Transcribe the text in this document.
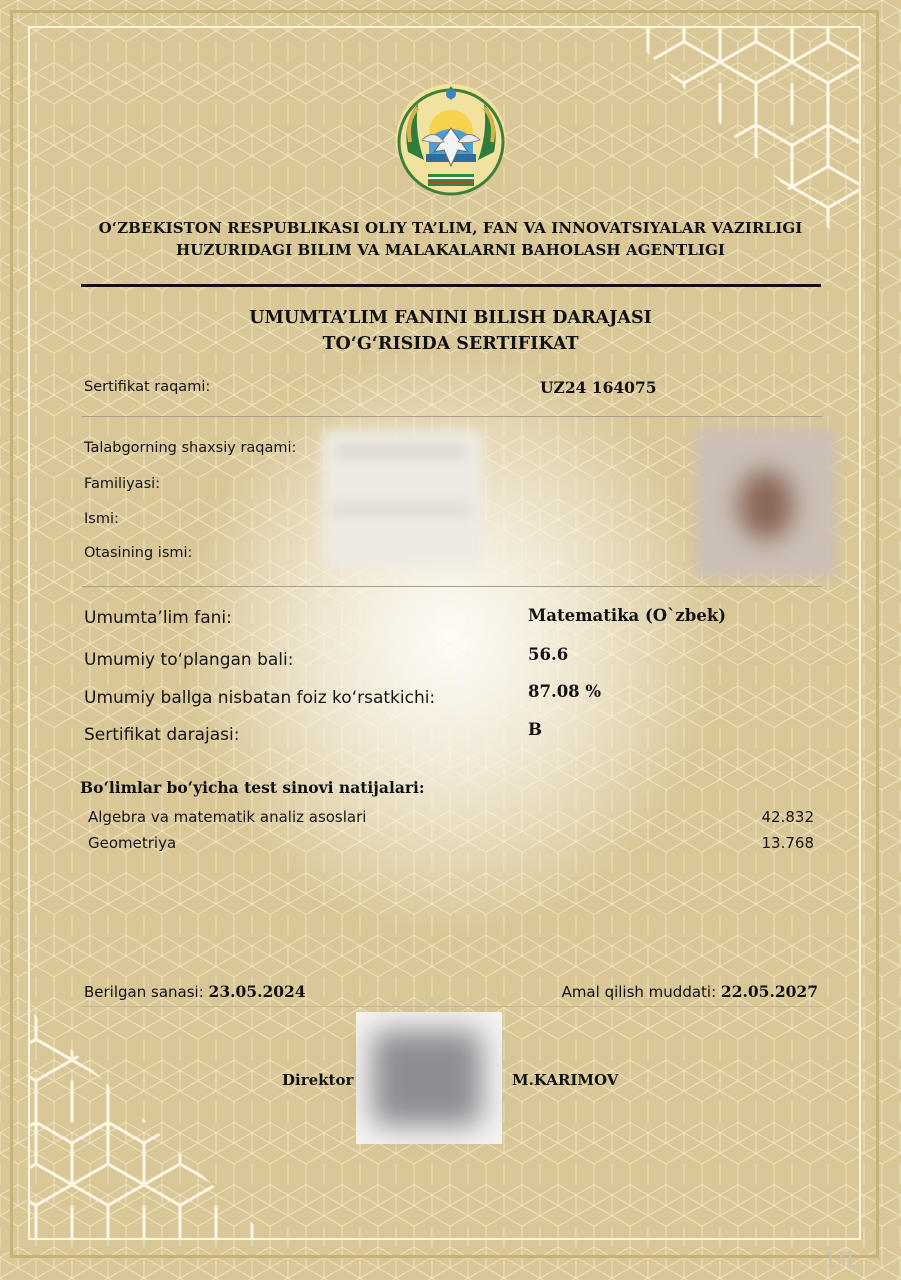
O‘ZBEKISTON RESPUBLIKASI OLIY TA’LIM, FAN VA INNOVATSIYALAR VAZIRLIGI
HUZURIDAGI BILIM VA MALAKALARNI BAHOLASH AGENTLIGI
UMUMTA’LIM FANINI BILISH DARAJASI
TO‘G‘RISIDA SERTIFIKAT
Sertifikat raqami:	UZ24 164075
Talabgorning shaxsiy raqami:
Familiyasi:
Ismi:
Otasining ismi:
Umumta’lim fani:	Matematika (O`zbek)
Umumiy to‘plangan bali:	56.6
Umumiy ballga nisbatan foiz ko‘rsatkichi:	87.08 %
Sertifikat darajasi:	B
Bo‘limlar bo‘yicha test sinovi natijalari:
Algebra va matematik analiz asoslari	42.832
Geometriya	13.768
Berilgan sanasi: 23.05.2024	Amal qilish muddati: 22.05.2027
Direktor	M.KARIMOV
1/1
